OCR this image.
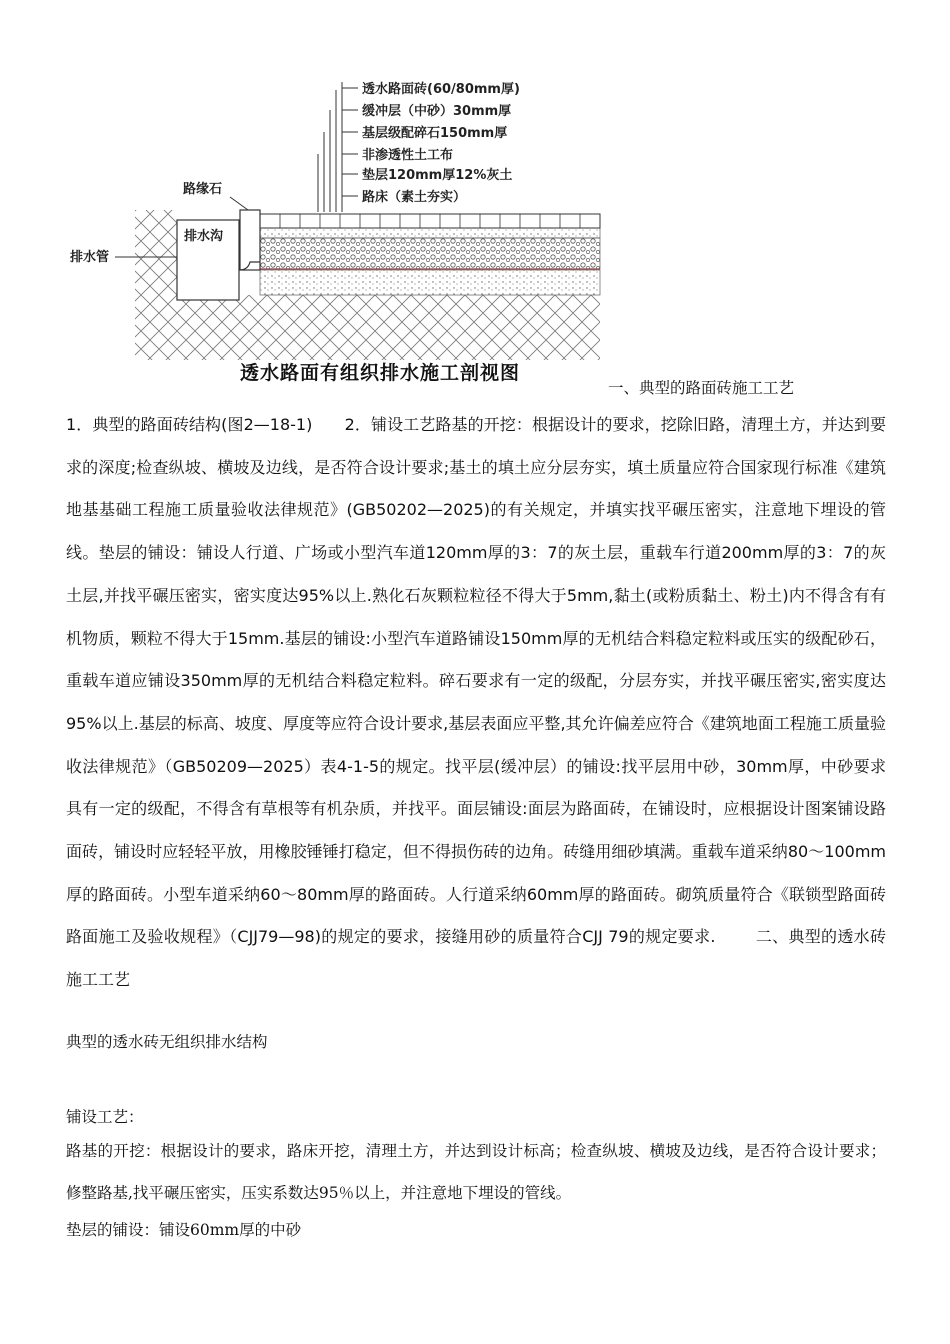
透水路面砖(60/80mm厚)
缓冲层（中砂）30mm厚
基层级配碎石150mm厚
非渗透性土工布
垫层120mm厚12%灰土
路床（素土夯实）
路缘石
排水沟
排水管
透水路面有组织排水施工剖视图
一、典型的路面砖施工工艺
1．典型的路面砖结构(图2—18-1)　　2．铺设工艺路基的开挖：根据设计的要求，挖除旧路，清理土方，并达到要求的深度;检查纵坡、横坡及边线，是否符合设计要求;基土的填土应分层夯实，填土质量应符合国家现行标准《建筑地基基础工程施工质量验收法律规范》(GB50202—2025)的有关规定，并填实找平碾压密实，注意地下埋设的管线。垫层的铺设：铺设人行道、广场或小型汽车道120mm厚的3：7的灰土层，重载车行道200mm厚的3：7的灰土层,并找平碾压密实，密实度达95%以上.熟化石灰颗粒粒径不得大于5mm,黏土(或粉质黏土、粉土)内不得含有有机物质，颗粒不得大于15mm.基层的铺设:小型汽车道路铺设150mm厚的无机结合料稳定粒料或压实的级配砂石，重载车道应铺设350mm厚的无机结合料稳定粒料。碎石要求有一定的级配，分层夯实，并找平碾压密实,密实度达95%以上.基层的标高、坡度、厚度等应符合设计要求,基层表面应平整,其允许偏差应符合《建筑地面工程施工质量验收法律规范》（GB50209—2025）表4-1-5的规定。找平层(缓冲层）的铺设:找平层用中砂，30mm厚，中砂要求具有一定的级配，不得含有草根等有机杂质，并找平。面层铺设:面层为路面砖，在铺设时，应根据设计图案铺设路面砖，铺设时应轻轻平放，用橡胶锤锤打稳定，但不得损伤砖的边角。砖缝用细砂填满。重载车道采纳80～100mm厚的路面砖。小型车道采纳60～80mm厚的路面砖。人行道采纳60mm厚的路面砖。砌筑质量符合《联锁型路面砖路面施工及验收规程》（CJJ79—98)的规定的要求，接缝用砂的质量符合CJJ 79的规定要求.	二、典型的透水砖施工工艺
典型的透水砖无组织排水结构
铺设工艺：
路基的开挖：根据设计的要求，路床开挖，清理土方，并达到设计标高；检查纵坡、横坡及边线，是否符合设计要求；修整路基,找平碾压密实，压实系数达95％以上，并注意地下埋设的管线。
垫层的铺设：铺设60mm厚的中砂
